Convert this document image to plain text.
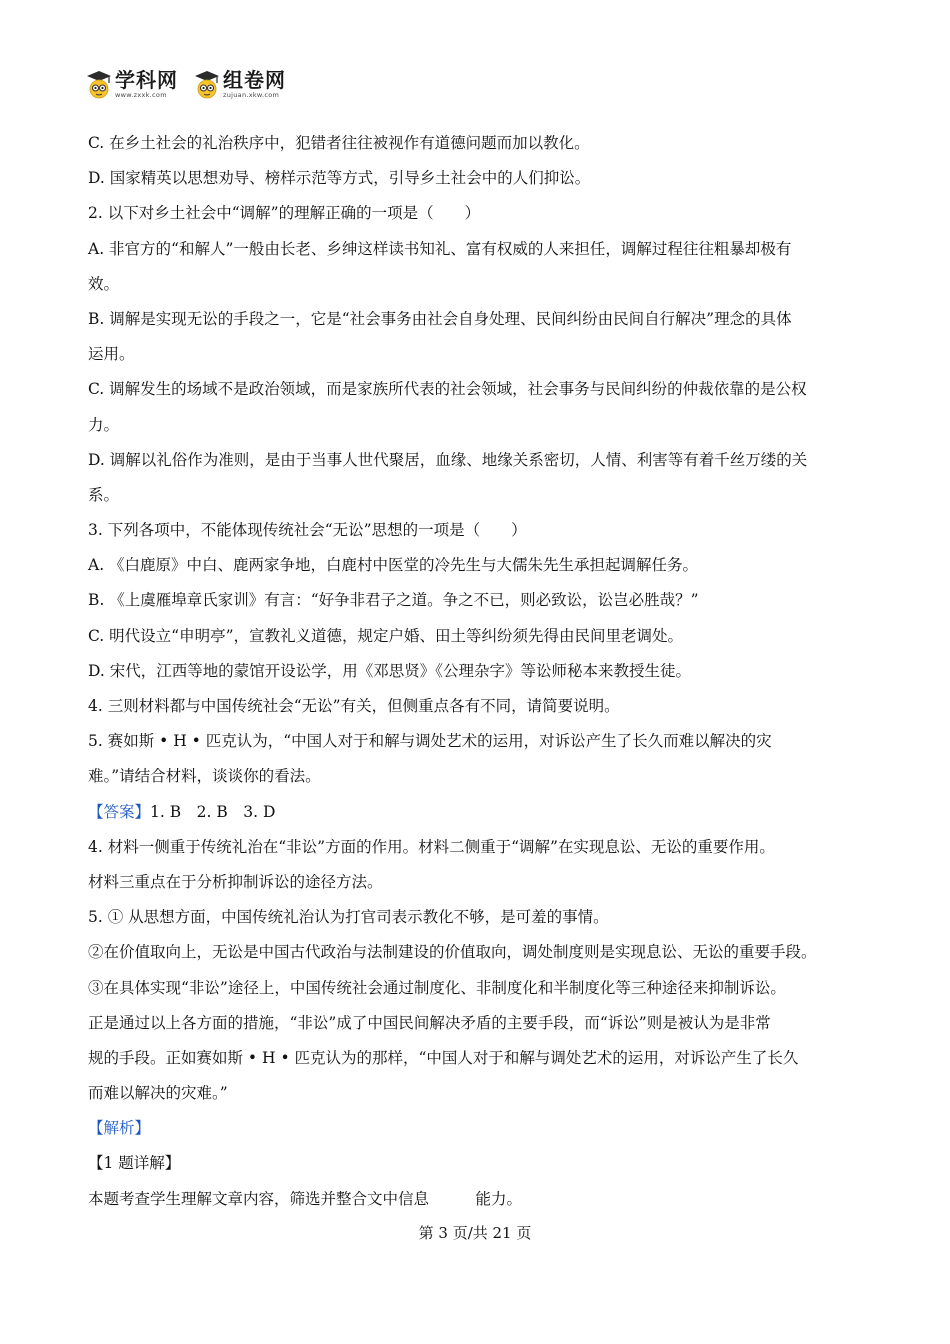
学科网
www.zxxk.com
组卷网
zujuan.xkw.com
C. 在乡土社会的礼治秩序中，犯错者往往被视作有道德问题而加以教化。
D. 国家精英以思想劝导、榜样示范等方式，引导乡土社会中的人们抑讼。
2. 以下对乡土社会中“调解”的理解正确的一项是（　　）
A. 非官方的“和解人”一般由长老、乡绅这样读书知礼、富有权威的人来担任，调解过程往往粗暴却极有
效。
B. 调解是实现无讼的手段之一，它是“社会事务由社会自身处理、民间纠纷由民间自行解决”理念的具体
运用。
C. 调解发生的场域不是政治领域，而是家族所代表的社会领域，社会事务与民间纠纷的仲裁依靠的是公权
力。
D. 调解以礼俗作为准则，是由于当事人世代聚居，血缘、地缘关系密切，人情、利害等有着千丝万缕的关
系。
3. 下列各项中，不能体现传统社会“无讼”思想的一项是（　　）
A. 《白鹿原》中白、鹿两家争地，白鹿村中医堂的冷先生与大儒朱先生承担起调解任务。
B. 《上虞雁埠章氏家训》有言：“好争非君子之道。争之不已，则必致讼，讼岂必胜哉？”
C. 明代设立“申明亭”，宣教礼义道德，规定户婚、田土等纠纷须先得由民间里老调处。
D. 宋代，江西等地的蒙馆开设讼学，用《邓思贤》《公理杂字》等讼师秘本来教授生徒。
4. 三则材料都与中国传统社会“无讼”有关，但侧重点各有不同，请简要说明。
5. 赛如斯 • H • 匹克认为，“中国人对于和解与调处艺术的运用，对诉讼产生了长久而难以解决的灾
难。”请结合材料，谈谈你的看法。
【答案】1. B　2. B　3. D
4. 材料一侧重于传统礼治在“非讼”方面的作用。材料二侧重于“调解”在实现息讼、无讼的重要作用。
材料三重点在于分析抑制诉讼的途径方法。
5. ① 从思想方面，中国传统礼治认为打官司表示教化不够，是可羞的事情。
②在价值取向上，无讼是中国古代政治与法制建设的价值取向，调处制度则是实现息讼、无讼的重要手段。
③在具体实现“非讼”途径上，中国传统社会通过制度化、非制度化和半制度化等三种途径来抑制诉讼。
正是通过以上各方面的措施，“非讼”成了中国民间解决矛盾的主要手段，而“诉讼”则是被认为是非常
规的手段。正如赛如斯 • H • 匹克认为的那样，“中国人对于和解与调处艺术的运用，对诉讼产生了长久
而难以解决的灾难。”
【解析】
【1 题详解】
本题考查学生理解文章内容，筛选并整合文中信息　　　能力。
第 3 页/共 21 页
